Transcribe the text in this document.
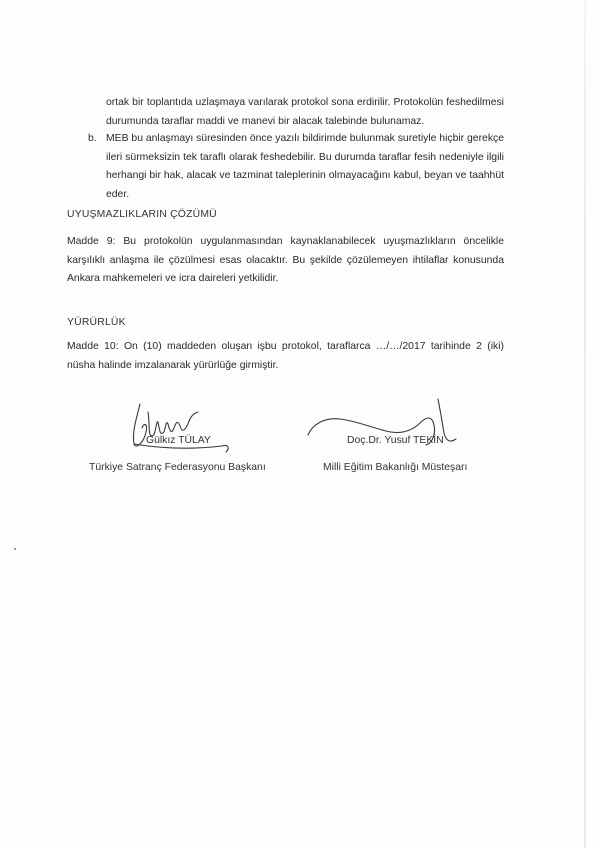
ortak bir toplantıda uzlaşmaya varılarak protokol sona erdirilir. Protokolün feshedilmesi durumunda taraflar maddi ve manevi bir alacak talebinde bulunamaz.
b. MEB bu anlaşmayı süresinden önce yazılı bildirimde bulunmak suretiyle hiçbir gerekçe ileri sürmeksizin tek taraflı olarak feshedebilir. Bu durumda taraflar fesih nedeniyle ilgili herhangi bir hak, alacak ve tazminat taleplerinin olmayacağını kabul, beyan ve taahhüt eder.
UYUŞMAZLIKLARIN ÇÖZÜMÜ
Madde 9: Bu protokolün uygulanmasından kaynaklanabilecek uyuşmazlıkların öncelikle karşılıklı anlaşma ile çözülmesi esas olacaktır. Bu şekilde çözülemeyen ihtilaflar konusunda Ankara mahkemeleri ve icra daireleri yetkilidir.
YÜRÜRLÜK
Madde 10: On (10) maddeden oluşan işbu protokol, taraflarca …/…/2017 tarihinde 2 (iki) nüsha halinde imzalanarak yürürlüğe girmiştir.
Gülkız TÜLAY
Türkiye Satranç Federasyonu Başkanı
Doç.Dr. Yusuf TEKİN
Milli Eğitim Bakanlığı Müsteşarı
